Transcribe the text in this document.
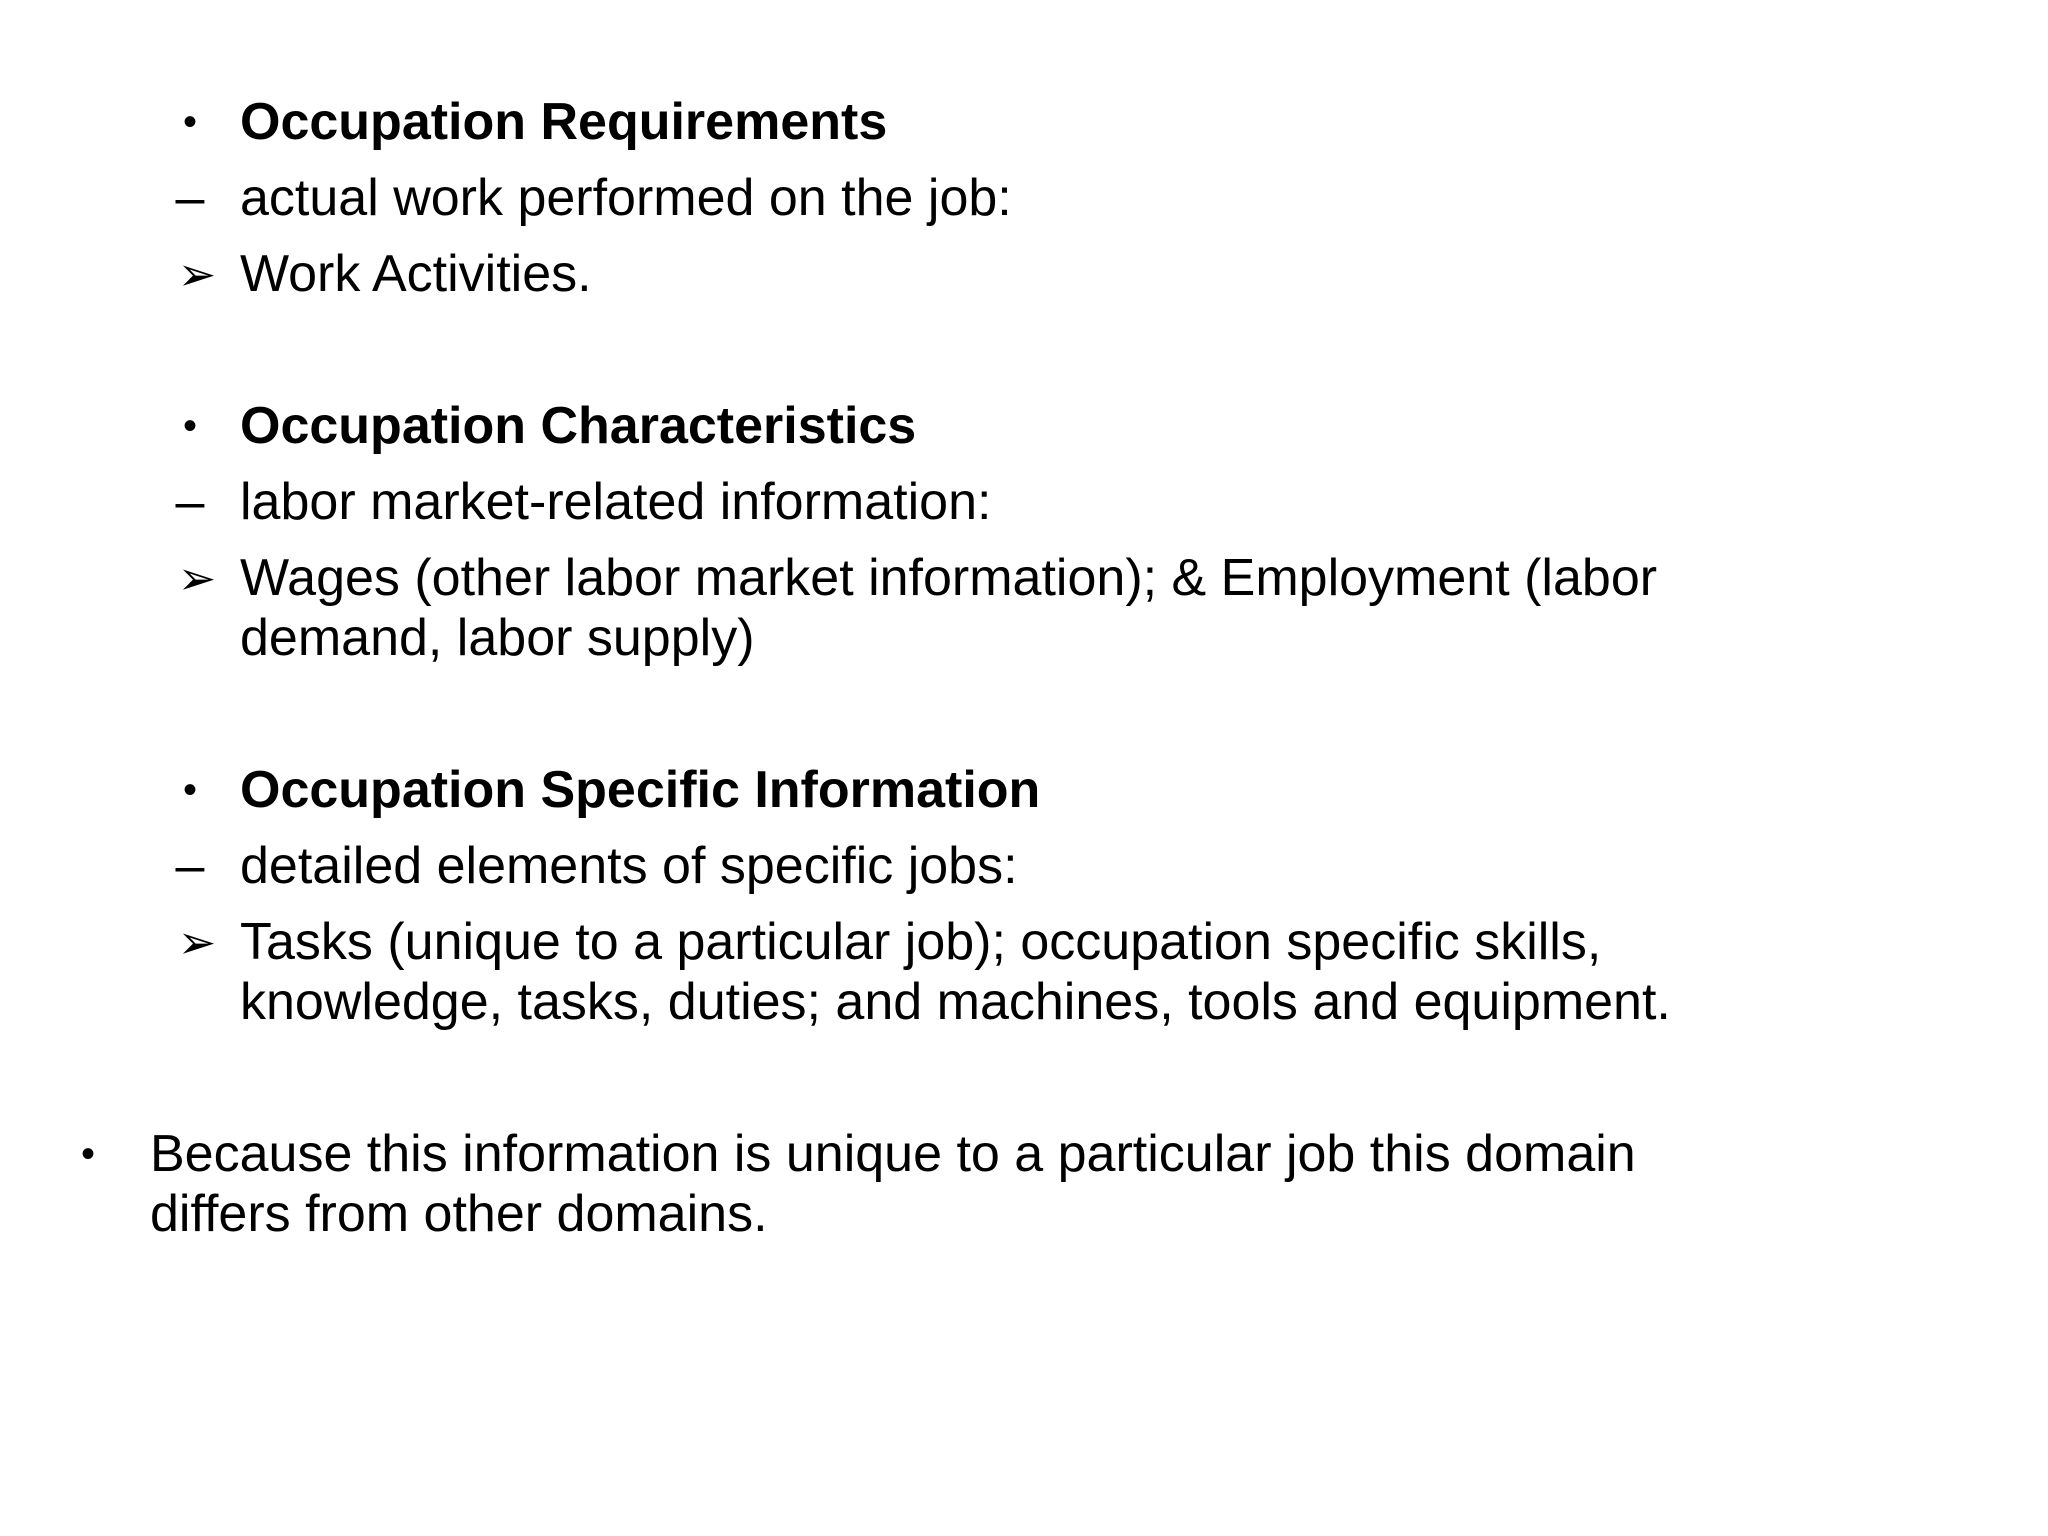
• Occupation Requirements
– actual work performed on the job:
➢ Work Activities.
• Occupation Characteristics
– labor market-related information:
➢ Wages (other labor market information); & Employment (labor
demand, labor supply)
• Occupation Specific Information
– detailed elements of specific jobs:
➢ Tasks (unique to a particular job); occupation specific skills,
knowledge, tasks, duties; and machines, tools and equipment.
• Because this information is unique to a particular job this domain
differs from other domains.
